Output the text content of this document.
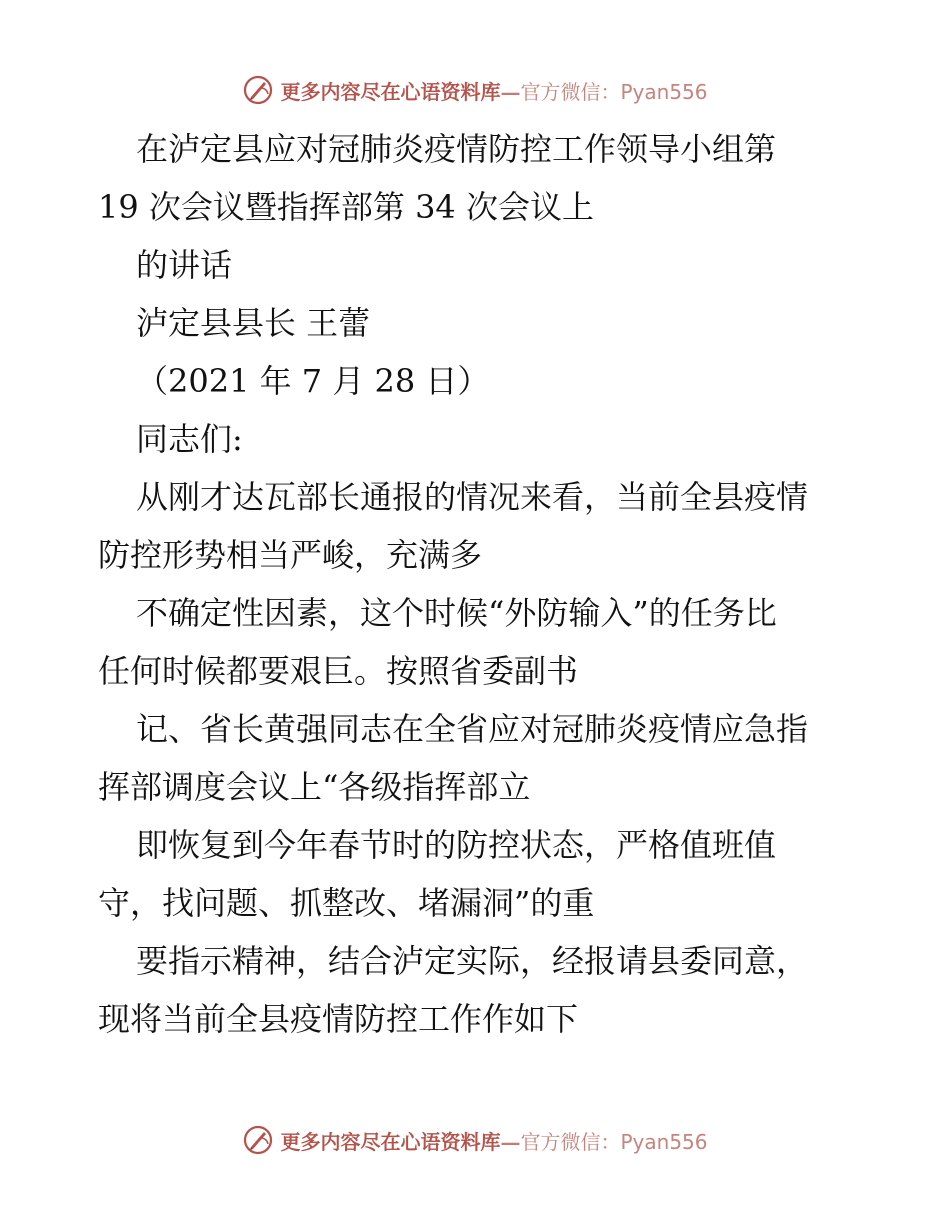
更多内容尽在心语资料库—官方微信：Pyan556
在泸定县应对冠肺炎疫情防控工作领导小组第
19 次会议暨指挥部第 34 次会议上
的讲话
泸定县县长 王蕾
（2021 年 7 月 28 日）
同志们:
从刚才达瓦部长通报的情况来看，当前全县疫情
防控形势相当严峻，充满多
不确定性因素，这个时候“外防输入”的任务比
任何时候都要艰巨。按照省委副书
记、省长黄强同志在全省应对冠肺炎疫情应急指
挥部调度会议上“各级指挥部立
即恢复到今年春节时的防控状态，严格值班值
守，找问题、抓整改、堵漏洞”的重
要指示精神，结合泸定实际，经报请县委同意，
现将当前全县疫情防控工作作如下
更多内容尽在心语资料库—官方微信：Pyan556
